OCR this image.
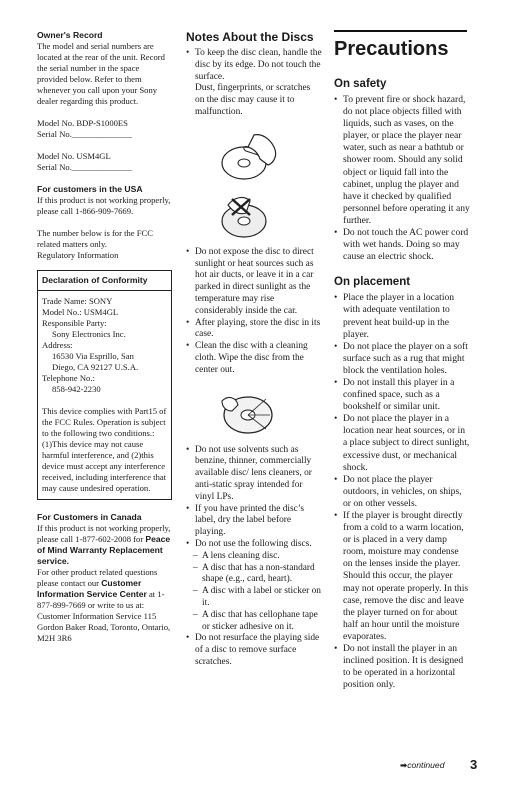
Owner's Record

The model and serial numbers are located at the rear of the unit. Record the serial number in the space provided below. Refer to them whenever you call upon your Sony dealer regarding this product.

Model No. BDP-S1000ES

Serial No.______________

Model No. USM4GL

Serial No.______________

For customers in the USA

If this product is not working properly, please call 1-866-909-7669.

The number below is for the FCC related matters only.

Regulatory Information

Declaration of Conformity

Trade Name: SONY

Model No.: USM4GL

Responsible Party:

Sony Electronics Inc.

Address:

16530 Via Esprillo, San

Diego, CA 92127 U.S.A.

Telephone No.:

858-942-2230

This device complies with Part15 of the FCC Rules. Operation is subject to the following two conditions.: (1)This device may not cause harmful interference, and (2)this device must accept any interference received, including interference that may cause undesired operation.

For Customers in Canada

If this product is not working properly, please call 1-877-602-2008 for Peace of Mind Warranty Replacement service.

For other product related questions please contact our Customer Information Service Center at 1-877-899-7669 or write to us at: Customer Information Service 115 Gordon Baker Road, Toronto, Ontario, M2H 3R6

Notes About the Discs

• To keep the disc clean, handle the disc by its edge. Do not touch the surface.
Dust, fingerprints, or scratches on the disc may cause it to malfunction.
• Do not expose the disc to direct sunlight or heat sources such as hot air ducts, or leave it in a car parked in direct sunlight as the temperature may rise considerably inside the car.
• After playing, store the disc in its case.
• Clean the disc with a cleaning cloth. Wipe the disc from the center out.
• Do not use solvents such as benzine, thinner, commercially available disc/ lens cleaners, or anti-static spray intended for vinyl LPs.
• If you have printed the disc’s label, dry the label before playing.
• Do not use the following discs.
– A lens cleaning disc.
– A disc that has a non-standard shape (e.g., card, heart).
– A disc with a label or sticker on it.
– A disc that has cellophane tape or sticker adhesive on it.
• Do not resurface the playing side of a disc to remove surface scratches.

Precautions

On safety

• To prevent fire or shock hazard, do not place objects filled with liquids, such as vases, on the player, or place the player near water, such as near a bathtub or shower room. Should any solid object or liquid fall into the cabinet, unplug the player and have it checked by qualified personnel before operating it any further.
• Do not touch the AC power cord with wet hands. Doing so may cause an electric shock.

On placement

• Place the player in a location with adequate ventilation to prevent heat build-up in the player.
• Do not place the player on a soft surface such as a rug that might block the ventilation holes.
• Do not install this player in a confined space, such as a bookshelf or similar unit.
• Do not place the player in a location near heat sources, or in a place subject to direct sunlight, excessive dust, or mechanical shock.
• Do not place the player outdoors, in vehicles, on ships, or on other vessels.
• If the player is brought directly from a cold to a warm location, or is placed in a very damp room, moisture may condense on the lenses inside the player. Should this occur, the player may not operate properly. In this case, remove the disc and leave the player turned on for about half an hour until the moisture evaporates.
• Do not install the player in an inclined position. It is designed to be operated in a horizontal position only.
➡continued 3
